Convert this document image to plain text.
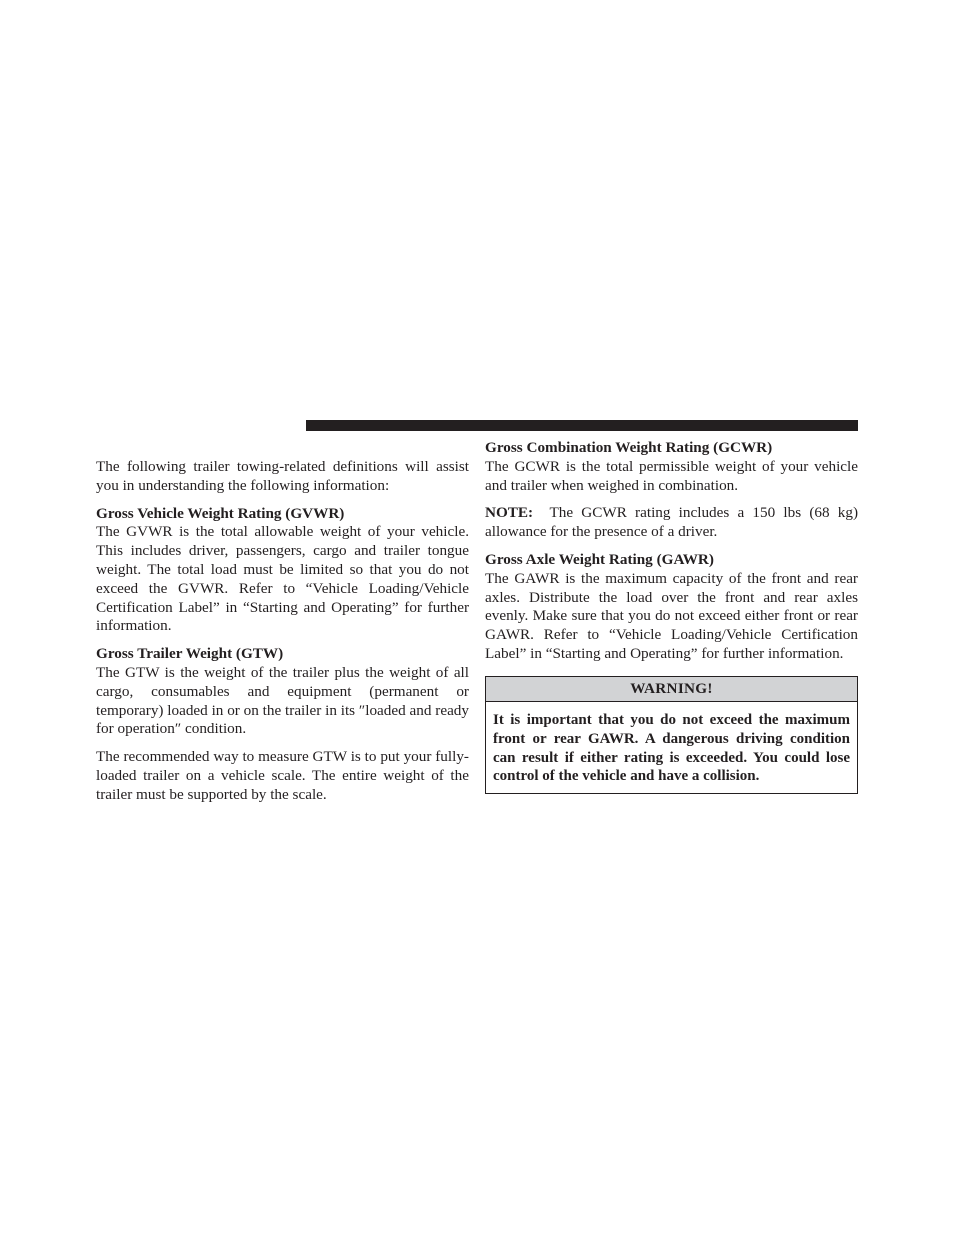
The following trailer towing-related definitions will assist you in understanding the following information:

Gross Vehicle Weight Rating (GVWR)

The GVWR is the total allowable weight of your vehicle. This includes driver, passengers, cargo and trailer tongue weight. The total load must be limited so that you do not exceed the GVWR. Refer to “Vehicle Loading/Vehicle Certification Label” in “Starting and Operating” for further information.

Gross Trailer Weight (GTW)

The GTW is the weight of the trailer plus the weight of all cargo, consumables and equipment (permanent or temporary) loaded in or on the trailer in its ″loaded and ready for operation″ condition.

The recommended way to measure GTW is to put your fully-loaded trailer on a vehicle scale. The entire weight of the trailer must be supported by the scale.

Gross Combination Weight Rating (GCWR)

The GCWR is the total permissible weight of your vehicle and trailer when weighed in combination.

NOTE: The GCWR rating includes a 150 lbs (68 kg) allowance for the presence of a driver.

Gross Axle Weight Rating (GAWR)

The GAWR is the maximum capacity of the front and rear axles. Distribute the load over the front and rear axles evenly. Make sure that you do not exceed either front or rear GAWR. Refer to “Vehicle Loading/Vehicle Certification Label” in “Starting and Operating” for further information.

WARNING!
It is important that you do not exceed the maximum front or rear GAWR. A dangerous driving condition can result if either rating is exceeded. You could lose control of the vehicle and have a collision.
